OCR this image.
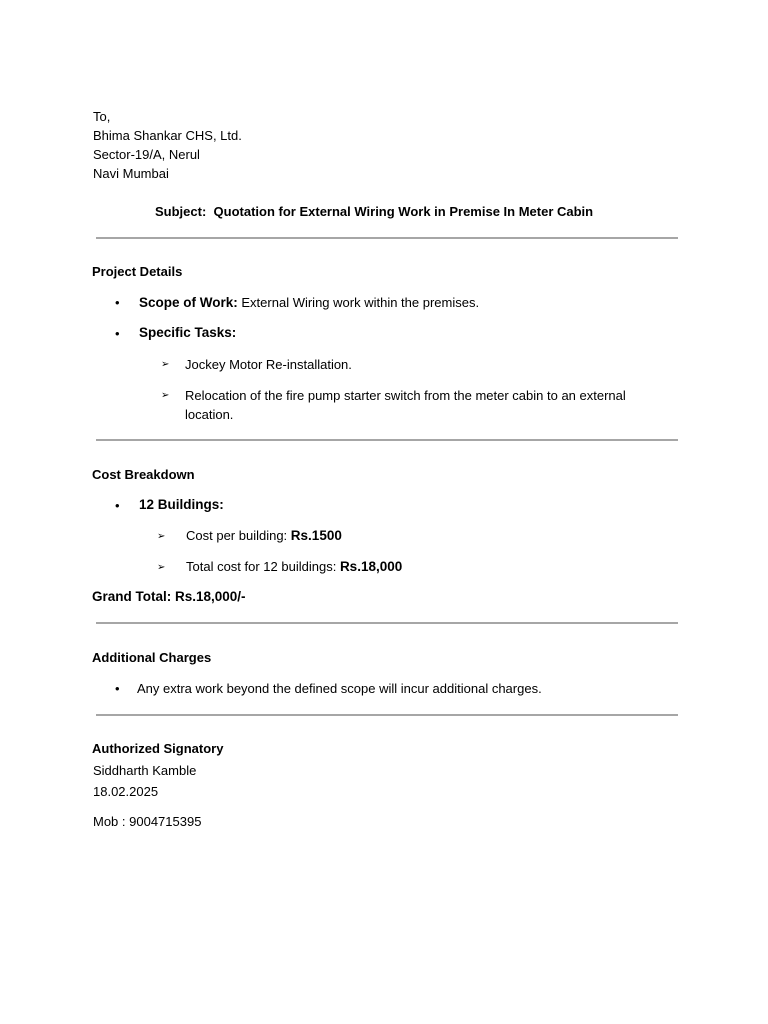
To,
Bhima Shankar CHS, Ltd.
Sector-19/A, Nerul
Navi Mumbai
Subject: Quotation for External Wiring Work in Premise In Meter Cabin
Project Details
• Scope of Work: External Wiring work within the premises.
• Specific Tasks:
➢ Jockey Motor Re-installation.
➢ Relocation of the fire pump starter switch from the meter cabin to an external
location.
Cost Breakdown
• 12 Buildings:
➢ Cost per building: Rs.1500
➢ Total cost for 12 buildings: Rs.18,000
Grand Total: Rs.18,000/-
Additional Charges
• Any extra work beyond the defined scope will incur additional charges.
Authorized Signatory
Siddharth Kamble
18.02.2025
Mob : 9004715395
